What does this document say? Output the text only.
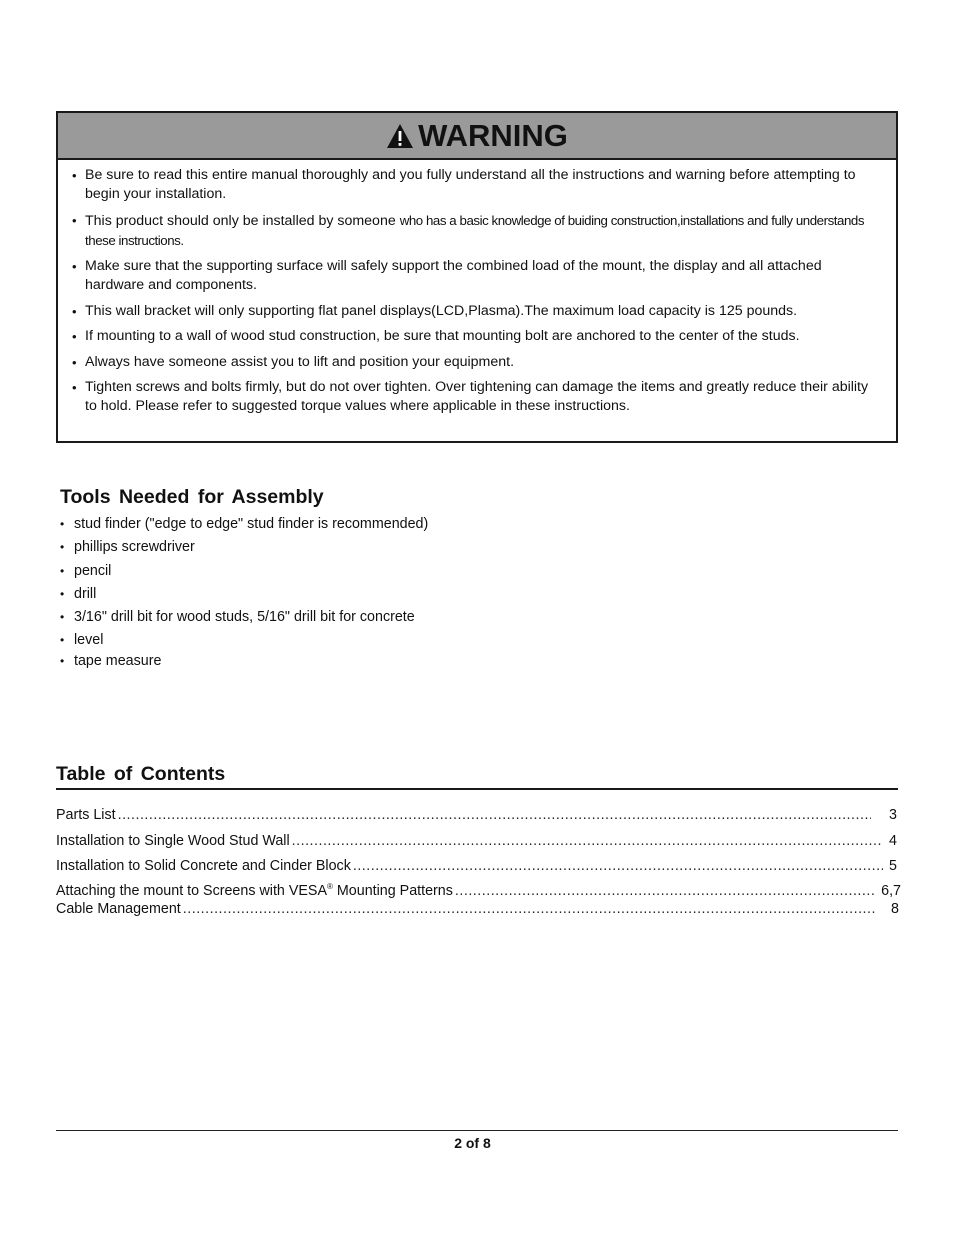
WARNING
• Be sure to read this entire manual thoroughly and you fully understand all the instructions and warning before attempting to begin your installation.
• This product should only be installed by someone who has a basic knowledge of buiding construction,installations and fully understands these instructions.
• Make sure that the supporting surface will safely support the combined load of the mount, the display and all attached hardware and components.
• This wall bracket will only supporting flat panel displays(LCD,Plasma).The maximum load capacity is 125 pounds.
• If mounting to a wall of wood stud construction, be sure that mounting bolt are anchored to the center of the studs.
• Always have someone assist you to lift and position your equipment.
• Tighten screws and bolts firmly, but do not over tighten. Over tightening can damage the items and greatly reduce their ability to hold. Please refer to suggested torque values where applicable in these instructions.
Tools Needed for Assembly
• stud finder ("edge to edge" stud finder is recommended)
• phillips screwdriver
• pencil
• drill
• 3/16" drill bit for wood studs, 5/16" drill bit for concrete
• level
• tape measure
Table of Contents
Parts List .....	3
Installation to Single Wood Stud Wall .....	4
Installation to Solid Concrete and Cinder Block .....	5
Attaching the mount to Screens with VESA® Mounting Patterns .....	6,7
Cable Management .....	8
2 of 8
